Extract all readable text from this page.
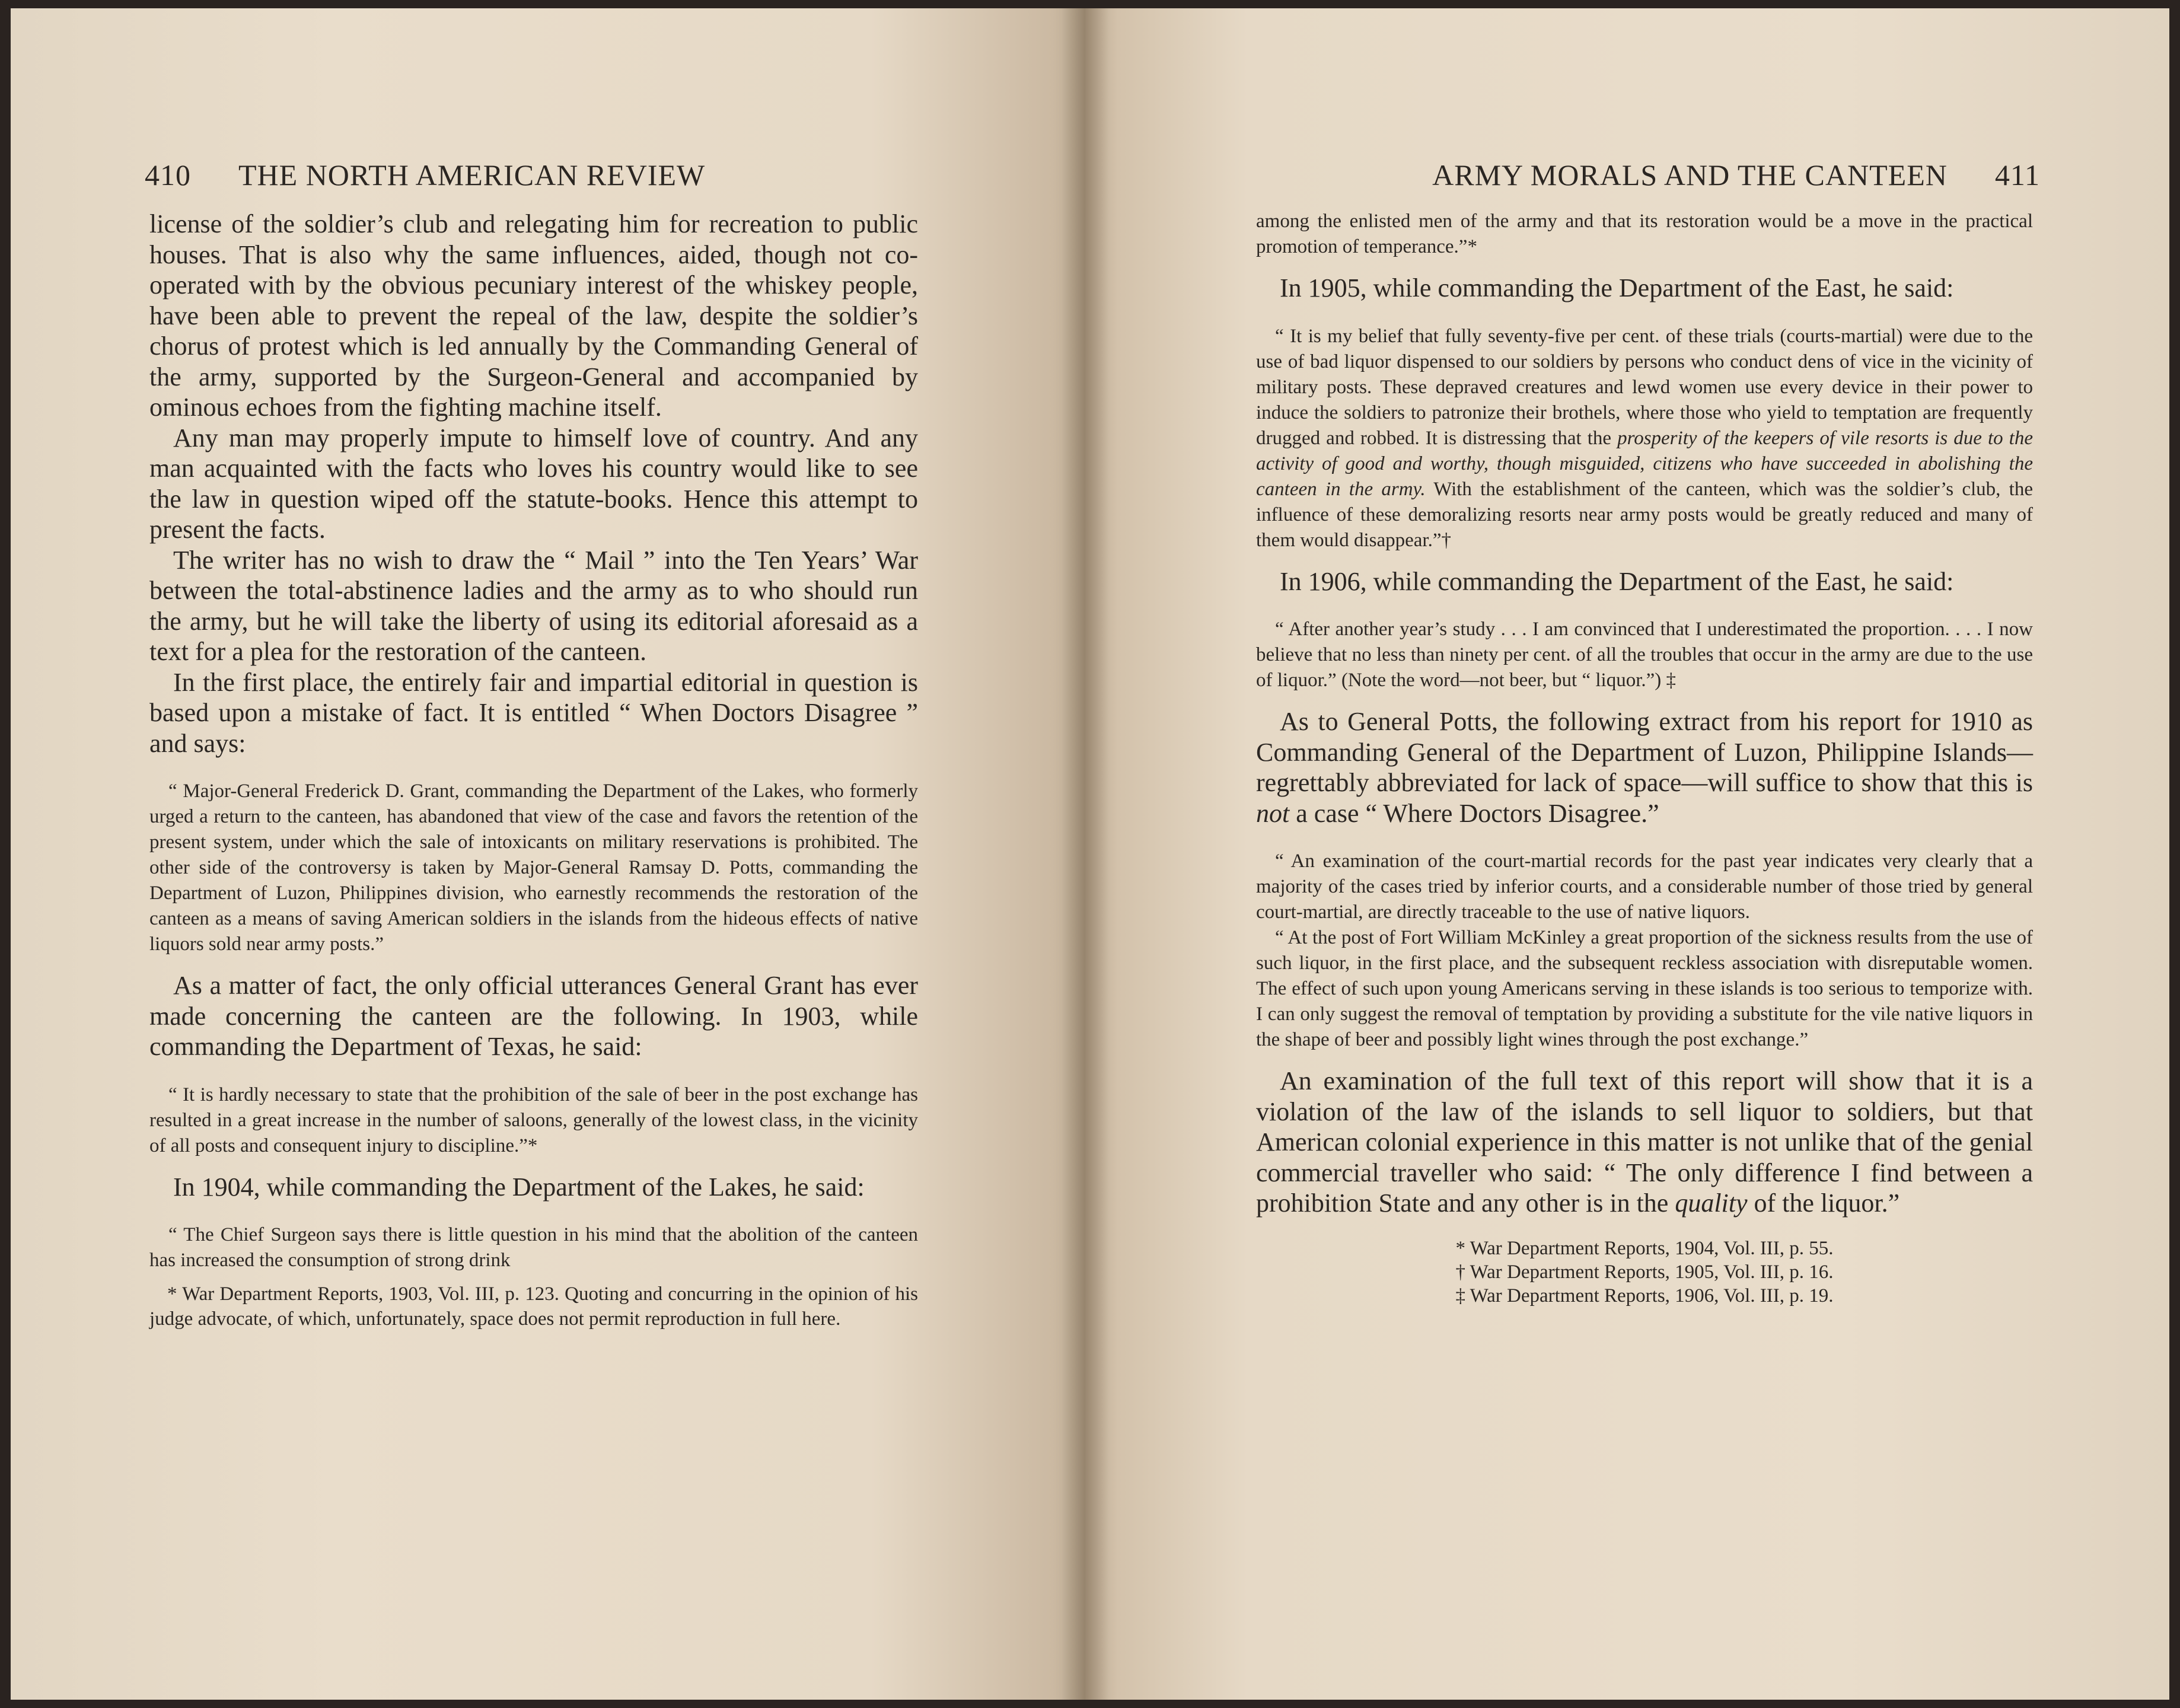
410 THE NORTH AMERICAN REVIEW

license of the soldier’s club and relegating him for recreation to public houses. That is also why the same influences, aided, though not co-operated with by the obvious pecuniary interest of the whiskey people, have been able to prevent the repeal of the law, despite the soldier’s chorus of protest which is led annually by the Commanding General of the army, supported by the Surgeon-General and accompanied by ominous echoes from the fighting machine itself.

Any man may properly impute to himself love of country. And any man acquainted with the facts who loves his country would like to see the law in question wiped off the statute-books. Hence this attempt to present the facts.

The writer has no wish to draw the “ Mail ” into the Ten Years’ War between the total-abstinence ladies and the army as to who should run the army, but he will take the liberty of using its editorial aforesaid as a text for a plea for the restoration of the canteen.

In the first place, the entirely fair and impartial editorial in question is based upon a mistake of fact. It is entitled “ When Doctors Disagree ” and says:

“ Major-General Frederick D. Grant, commanding the Department of the Lakes, who formerly urged a return to the canteen, has abandoned that view of the case and favors the retention of the present system, under which the sale of intoxicants on military reservations is prohibited. The other side of the controversy is taken by Major-General Ramsay D. Potts, commanding the Department of Luzon, Philippines division, who earnestly recommends the restoration of the canteen as a means of saving American soldiers in the islands from the hideous effects of native liquors sold near army posts.”

As a matter of fact, the only official utterances General Grant has ever made concerning the canteen are the following. In 1903, while commanding the Department of Texas, he said:

“ It is hardly necessary to state that the prohibition of the sale of beer in the post exchange has resulted in a great increase in the number of saloons, generally of the lowest class, in the vicinity of all posts and consequent injury to discipline.”*

In 1904, while commanding the Department of the Lakes, he said:

“ The Chief Surgeon says there is little question in his mind that the abolition of the canteen has increased the consumption of strong drink

* War Department Reports, 1903, Vol. III, p. 123. Quoting and concurring in the opinion of his judge advocate, of which, unfortunately, space does not permit reproduction in full here.

ARMY MORALS AND THE CANTEEN 411

among the enlisted men of the army and that its restoration would be a move in the practical promotion of temperance.”*

In 1905, while commanding the Department of the East, he said:

“ It is my belief that fully seventy-five per cent. of these trials (courts-martial) were due to the use of bad liquor dispensed to our soldiers by persons who conduct dens of vice in the vicinity of military posts. These depraved creatures and lewd women use every device in their power to induce the soldiers to patronize their brothels, where those who yield to temptation are frequently drugged and robbed. It is distressing that the prosperity of the keepers of vile resorts is due to the activity of good and worthy, though misguided, citizens who have succeeded in abolishing the canteen in the army. With the establishment of the canteen, which was the soldier’s club, the influence of these demoralizing resorts near army posts would be greatly reduced and many of them would disappear.”†

In 1906, while commanding the Department of the East, he said:

“ After another year’s study . . . I am convinced that I underestimated the proportion. . . . I now believe that no less than ninety per cent. of all the troubles that occur in the army are due to the use of liquor.” (Note the word—not beer, but “ liquor.”) ‡

As to General Potts, the following extract from his report for 1910 as Commanding General of the Department of Luzon, Philippine Islands—regrettably abbreviated for lack of space—will suffice to show that this is not a case “ Where Doctors Disagree.”

“ An examination of the court-martial records for the past year indicates very clearly that a majority of the cases tried by inferior courts, and a considerable number of those tried by general court-martial, are directly traceable to the use of native liquors.

“ At the post of Fort William McKinley a great proportion of the sickness results from the use of such liquor, in the first place, and the subsequent reckless association with disreputable women. The effect of such upon young Americans serving in these islands is too serious to temporize with. I can only suggest the removal of temptation by providing a substitute for the vile native liquors in the shape of beer and possibly light wines through the post exchange.”

An examination of the full text of this report will show that it is a violation of the law of the islands to sell liquor to soldiers, but that American colonial experience in this matter is not unlike that of the genial commercial traveller who said: “ The only difference I find between a prohibition State and any other is in the quality of the liquor.”

* War Department Reports, 1904, Vol. III, p. 55.
† War Department Reports, 1905, Vol. III, p. 16.
‡ War Department Reports, 1906, Vol. III, p. 19.
